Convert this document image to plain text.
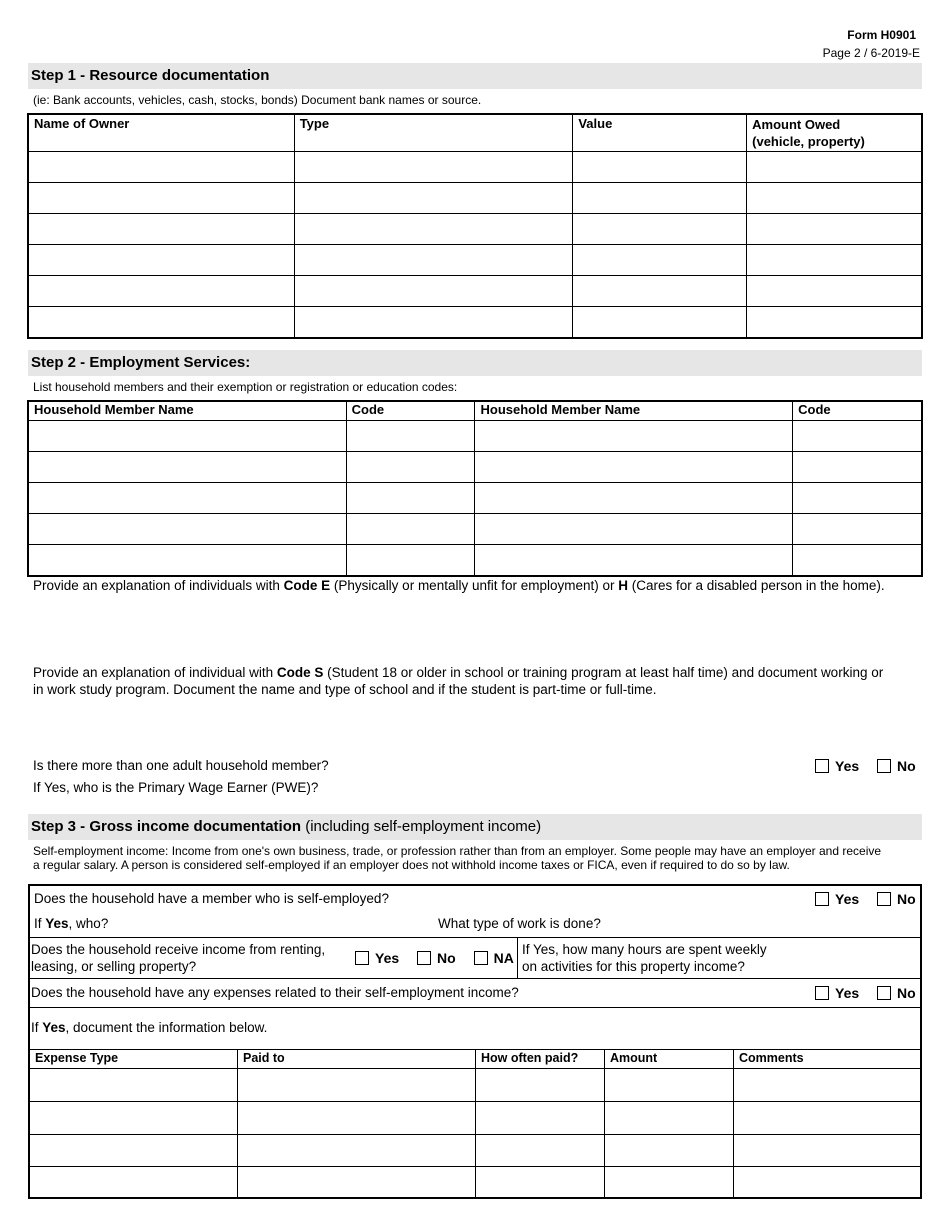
Form H0901
Page 2 / 6-2019-E
Step 1 - Resource documentation
(ie: Bank accounts, vehicles, cash, stocks, bonds) Document bank names or source.
Name of Owner	Type	Value	Amount Owed
(vehicle, property)

Step 2 - Employment Services:
List household members and their exemption or registration or education codes:
Household Member Name	Code	Household Member Name	Code

Provide an explanation of individuals with Code E (Physically or mentally unfit for employment) or H (Cares for a disabled person in the home).
Provide an explanation of individual with Code S (Student 18 or older in school or training program at least half time) and document working or
in work study program. Document the name and type of school and if the student is part-time or full-time.
Is there more than one adult household member?	Yes	No
If Yes, who is the Primary Wage Earner (PWE)?
Step 3 - Gross income documentation (including self-employment income)
Self-employment income: Income from one's own business, trade, or profession rather than from an employer. Some people may have an employer and receive
a regular salary. A person is considered self-employed if an employer does not withhold income taxes or FICA, even if required to do so by law.
Does the household have a member who is self-employed?	Yes	No
If Yes, who?	What type of work is done?
Does the household receive income from renting,
leasing, or selling property?
Yes	No	NA
If Yes, how many hours are spent weekly
on activities for this property income?
Does the household have any expenses related to their self-employment income?	Yes	No
If Yes, document the information below.
Expense Type	Paid to	How often paid?	Amount	Comments
